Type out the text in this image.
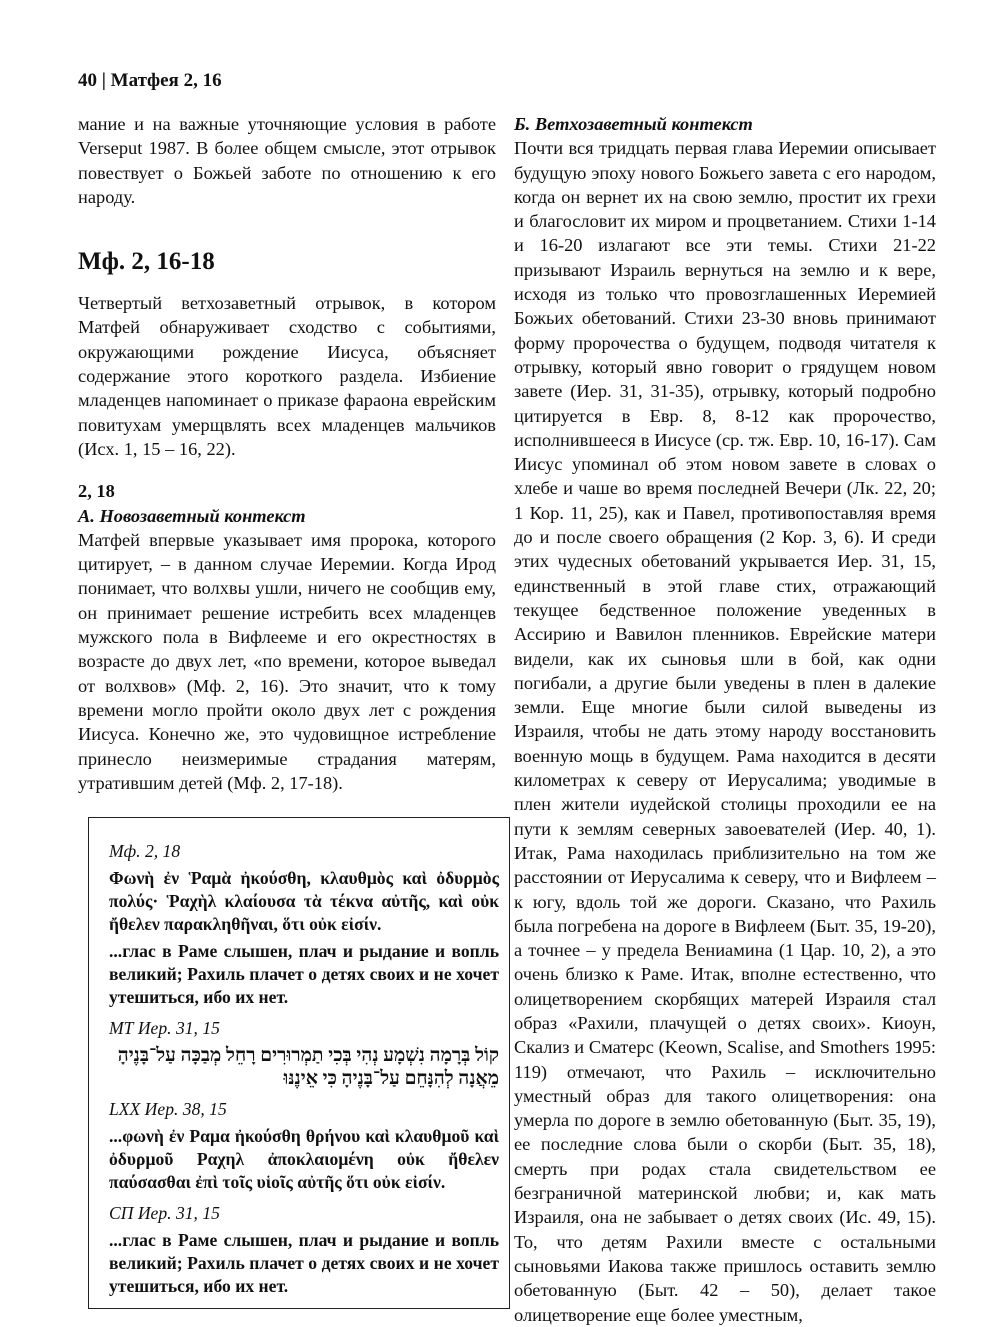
40 | Матфея 2, 16

мание и на важные уточняющие условия в работе Verseput 1987. В более общем смысле, этот отрывок повествует о Божьей заботе по отношению к его народу.

Мф. 2, 16-18

Четвертый ветхозаветный отрывок, в котором Матфей обнаруживает сходство с событиями, окружающими рождение Иисуса, объясняет содержание этого короткого раздела. Избиение младенцев напоминает о приказе фараона еврейским повитухам умерщвлять всех младенцев мальчиков (Исх. 1, 15 – 16, 22).

2, 18
А. Новозаветный контекст

Матфей впервые указывает имя пророка, которого цитирует, – в данном случае Иеремии. Когда Ирод понимает, что волхвы ушли, ничего не сообщив ему, он принимает решение истребить всех младенцев мужского пола в Вифлееме и его окрестностях в возрасте до двух лет, «по времени, которое выведал от волхвов» (Мф. 2, 16). Это значит, что к тому времени могло пройти около двух лет с рождения Иисуса. Конечно же, это чудовищное истребление принесло неизмеримые страдания матерям, утратившим детей (Мф. 2, 17-18).

Мф. 2, 18
Φωνὴ ἐν Ῥαμὰ ἠκούσθη, κλαυθμὸς καὶ ὀδυρμὸς πολύς· Ῥαχὴλ κλαίουσα τὰ τέκνα αὐτῆς, καὶ οὐκ ἤθελεν παρακληθῆναι, ὅτι οὐκ εἰσίν.
...глас в Раме слышен, плач и рыдание и вопль великий; Рахиль плачет о детях своих и не хочет утешиться, ибо их нет.
МТ Иер. 31, 15
קוֹל בְּרָמָה נִשְׁמָע נְהִי בְּכִי תַמְרוּרִים רָחֵל מְבַכָּה עַל־בָּנֶיהָ מֵאֲנָה לְהִנָּחֵם עַל־בָּנֶיהָ כִּי אֵינֶנּוּ
LXX Иер. 38, 15
...φωνὴ ἐν Ραμα ἠκούσθη θρήνου καὶ κλαυθμοῦ καὶ ὀδυρμοῦ Ραχηλ ἀποκλαιομένη οὐκ ἤθελεν παύσασθαι ἐπὶ τοῖς υἱοῖς αὐτῆς ὅτι οὐκ εἰσίν.
СП Иер. 31, 15
...глас в Раме слышен, плач и рыдание и вопль великий; Рахиль плачет о детях своих и не хочет утешиться, ибо их нет.
Б. Ветхозаветный контекст

Почти вся тридцать первая глава Иеремии описывает будущую эпоху нового Божьего завета с его народом, когда он вернет их на свою землю, простит их грехи и благословит их миром и процветанием. Стихи 1-14 и 16-20 излагают все эти темы. Стихи 21-22 призывают Израиль вернуться на землю и к вере, исходя из только что провозглашенных Иеремией Божьих обетований. Стихи 23-30 вновь принимают форму пророчества о будущем, подводя читателя к отрывку, который явно говорит о грядущем новом завете (Иер. 31, 31-35), отрывку, который подробно цитируется в Евр. 8, 8-12 как пророчество, исполнившееся в Иисусе (ср. тж. Евр. 10, 16-17). Сам Иисус упоминал об этом новом завете в словах о хлебе и чаше во время последней Вечери (Лк. 22, 20; 1 Кор. 11, 25), как и Павел, противопоставляя время до и после своего обращения (2 Кор. 3, 6). И среди этих чудесных обетований укрывается Иер. 31, 15, единственный в этой главе стих, отражающий текущее бедственное положение уведенных в Ассирию и Вавилон пленников. Еврейские матери видели, как их сыновья шли в бой, как одни погибали, а другие были уведены в плен в далекие земли. Еще многие были силой выведены из Израиля, чтобы не дать этому народу восстановить военную мощь в будущем. Рама находится в десяти километрах к северу от Иерусалима; уводимые в плен жители иудейской столицы проходили ее на пути к землям северных завоевателей (Иер. 40, 1). Итак, Рама находилась приблизительно на том же расстоянии от Иерусалима к северу, что и Вифлеем – к югу, вдоль той же дороги. Сказано, что Рахиль была погребена на дороге в Вифлеем (Быт. 35, 19-20), а точнее – у предела Вениамина (1 Цар. 10, 2), а это очень близко к Раме. Итак, вполне естественно, что олицетворением скорбящих матерей Израиля стал образ «Рахили, плачущей о детях своих». Киоун, Скализ и Сматерс (Keown, Scalise, and Smothers 1995: 119) отмечают, что Рахиль – исключительно уместный образ для такого олицетворения: она умерла по дороге в землю обетованную (Быт. 35, 19), ее последние слова были о скорби (Быт. 35, 18), смерть при родах стала свидетельством ее безграничной материнской любви; и, как мать Израиля, она не забывает о детях своих (Ис. 49, 15). То, что детям Рахили вместе с остальными сыновьями Иакова также пришлось оставить землю обетованную (Быт. 42 – 50), делает такое олицетворение еще более уместным,
